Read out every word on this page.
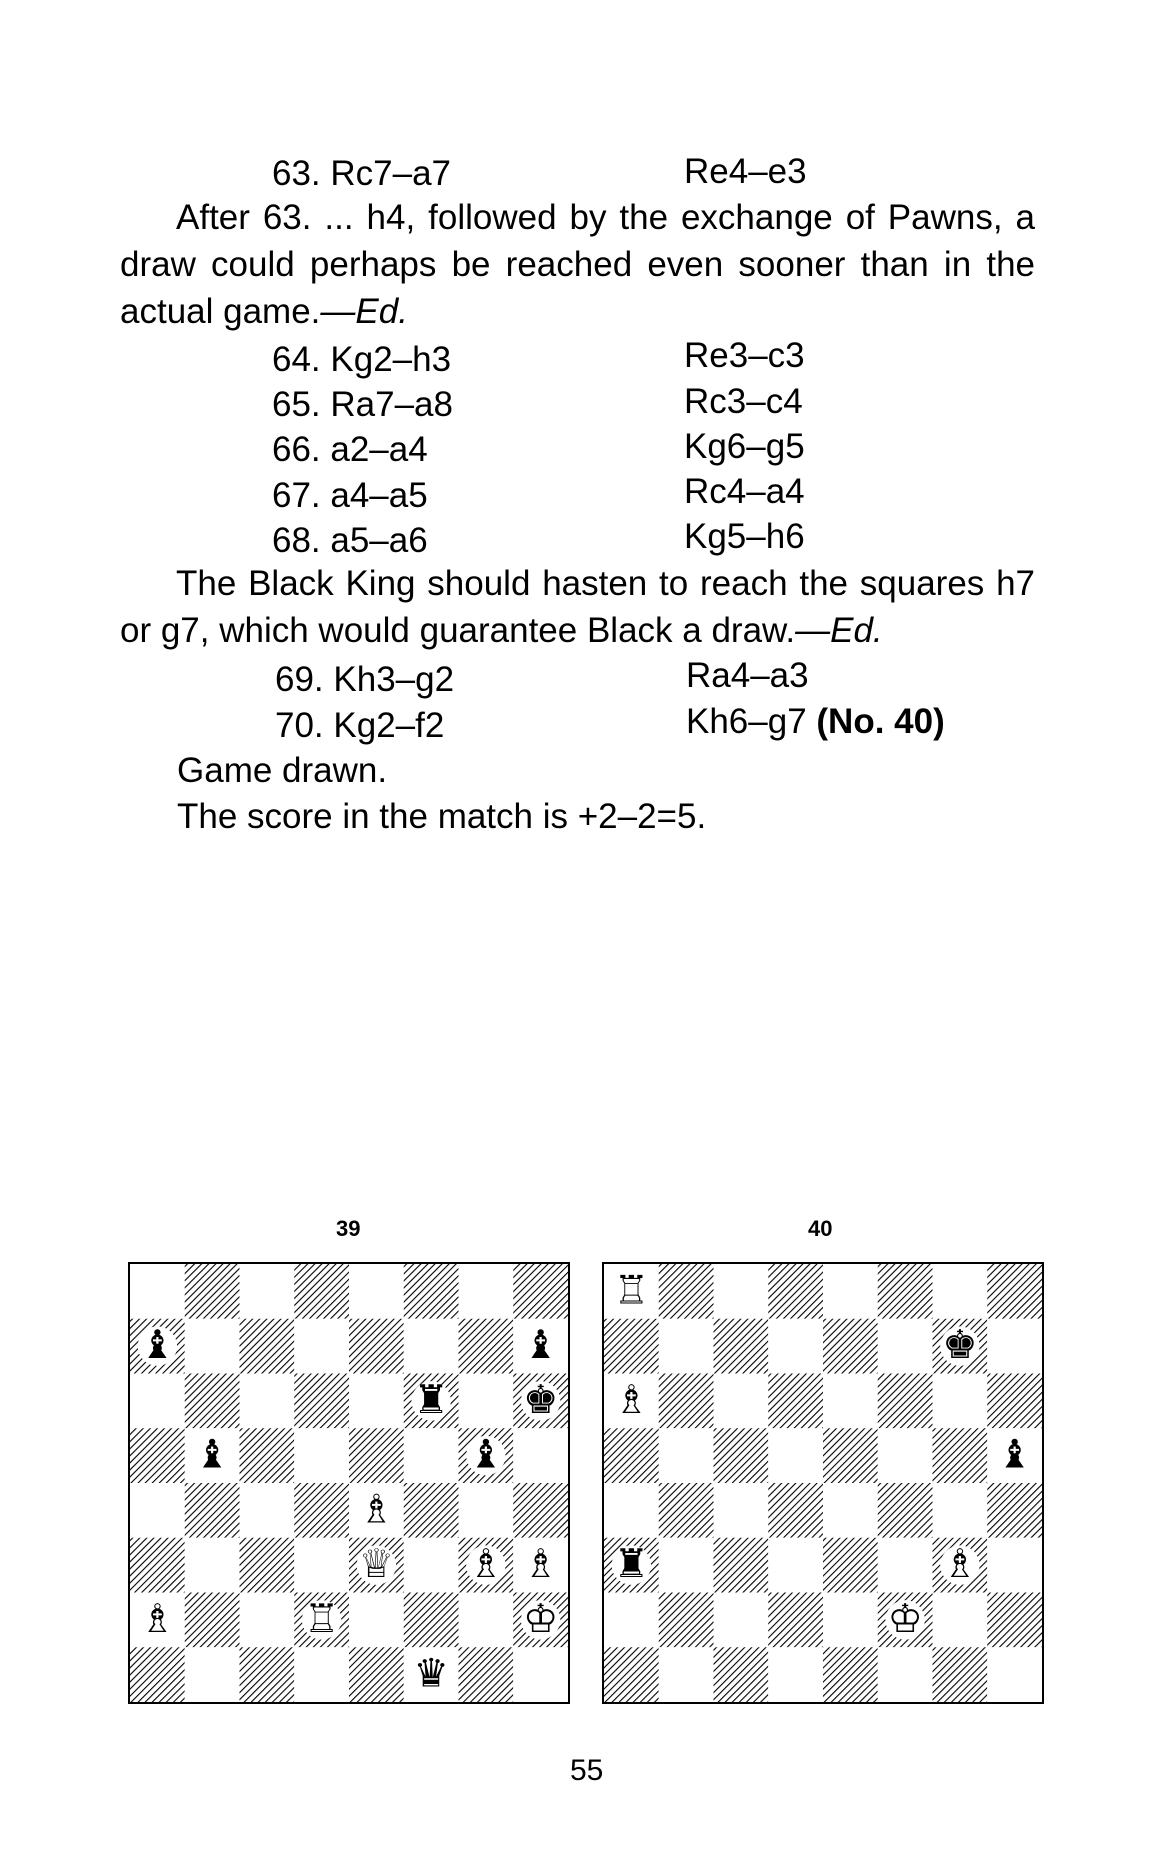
63. Rc7–a7	Re4–e3

After 63. ... h4, followed by the exchange of Pawns, a draw could perhaps be reached even sooner than in the actual game.—Ed.

64. Kg2–h3	Re3–c3
65. Ra7–a8	Rc3–c4
66. a2–a4	Kg6–g5
67. a4–a5	Rc4–a4
68. a5–a6	Kg5–h6

The Black King should hasten to reach the squares h7 or g7, which would guarantee Black a draw.—Ed.

69. Kh3–g2	Ra4–a3
70. Kg2–f2	Kh6–g7 (No. 40)
Game drawn.
The score in the match is +2–2=5.
39	40
♝	♝
♜ ♚
♝	♝
♗
♕ ♗ ♗
♗	♖	♔
♛
♖
♚
♗
♝
♜	♗
♔
55
